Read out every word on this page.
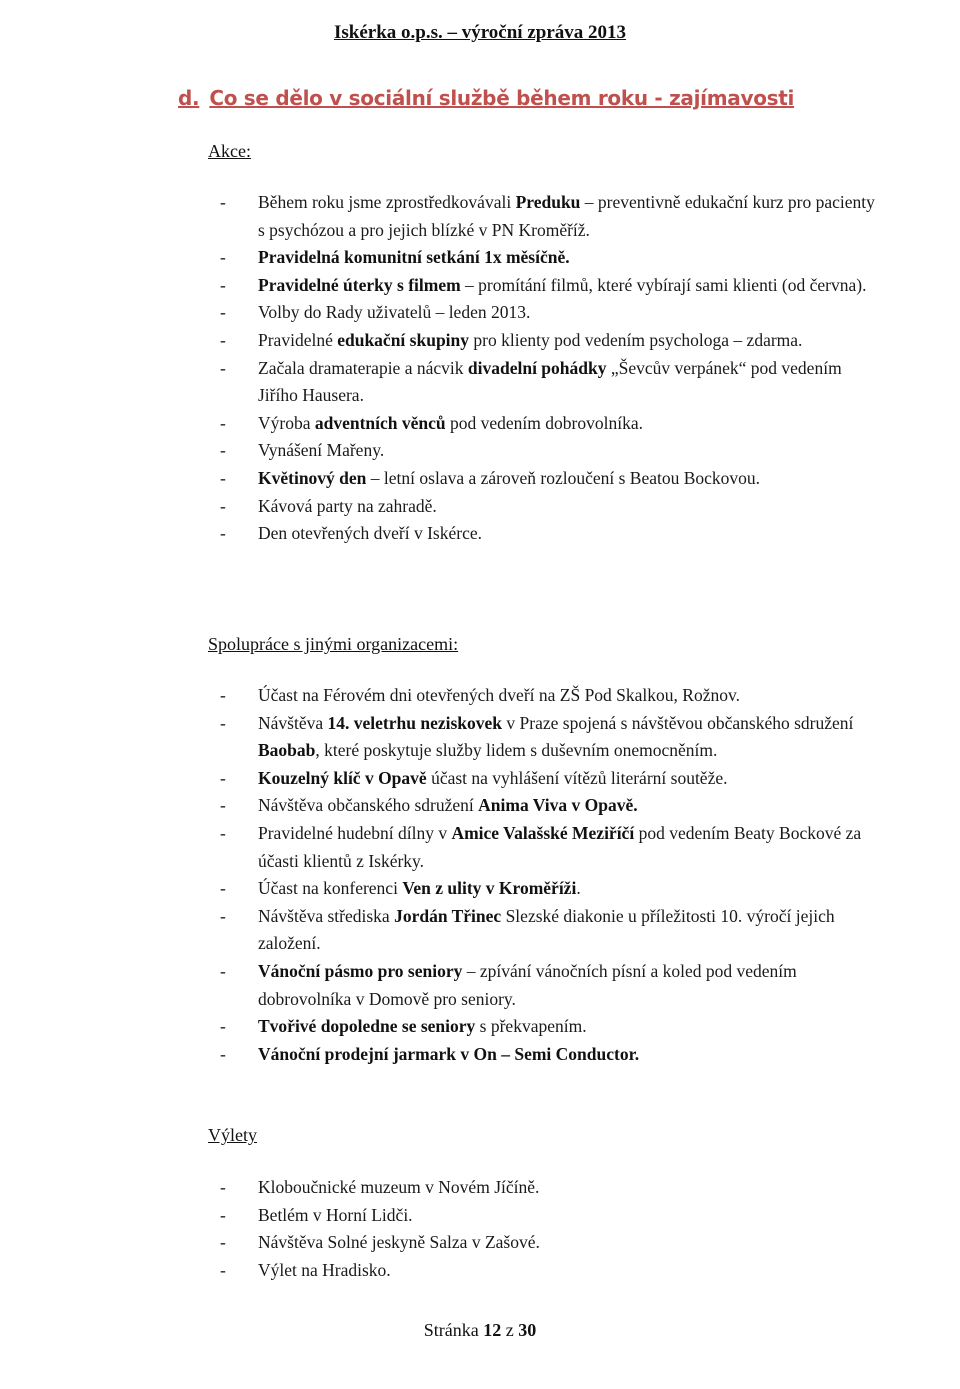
Iskérka o.p.s. – výroční zpráva 2013
d. Co se dělo v sociální službě během roku - zajímavosti
Akce:
- Během roku jsme zprostředkovávali Preduku – preventivně edukační kurz pro pacienty s psychózou a pro jejich blízké v PN Kroměříž.
- Pravidelná komunitní setkání 1x měsíčně.
- Pravidelné úterky s filmem – promítání filmů, které vybírají sami klienti (od června).
- Volby do Rady uživatelů – leden 2013.
- Pravidelné edukační skupiny pro klienty pod vedením psychologa – zdarma.
- Začala dramaterapie a nácvik divadelní pohádky „Ševcův verpánek“ pod vedením Jiřího Hausera.
- Výroba adventních věnců pod vedením dobrovolníka.
- Vynášení Mařeny.
- Květinový den – letní oslava a zároveň rozloučení s Beatou Bockovou.
- Kávová party na zahradě.
- Den otevřených dveří v Iskérce.
Spolupráce s jinými organizacemi:
- Účast na Férovém dni otevřených dveří na ZŠ Pod Skalkou, Rožnov.
- Návštěva 14. veletrhu neziskovek v Praze spojená s návštěvou občanského sdružení Baobab, které poskytuje služby lidem s duševním onemocněním.
- Kouzelný klíč v Opavě účast na vyhlášení vítězů literární soutěže.
- Návštěva občanského sdružení Anima Viva v Opavě.
- Pravidelné hudební dílny v Amice Valašské Meziříčí pod vedením Beaty Bockové za účasti klientů z Iskérky.
- Účast na konferenci Ven z ulity v Kroměříži.
- Návštěva střediska Jordán Třinec Slezské diakonie u příležitosti 10. výročí jejich založení.
- Vánoční pásmo pro seniory – zpívání vánočních písní a koled pod vedením dobrovolníka v Domově pro seniory.
- Tvořivé dopoledne se seniory s překvapením.
- Vánoční prodejní jarmark v On – Semi Conductor.
Výlety
- Kloboučnické muzeum v Novém Jíčíně.
- Betlém v Horní Lidči.
- Návštěva Solné jeskyně Salza v Zašové.
- Výlet na Hradisko.
Stránka 12 z 30
